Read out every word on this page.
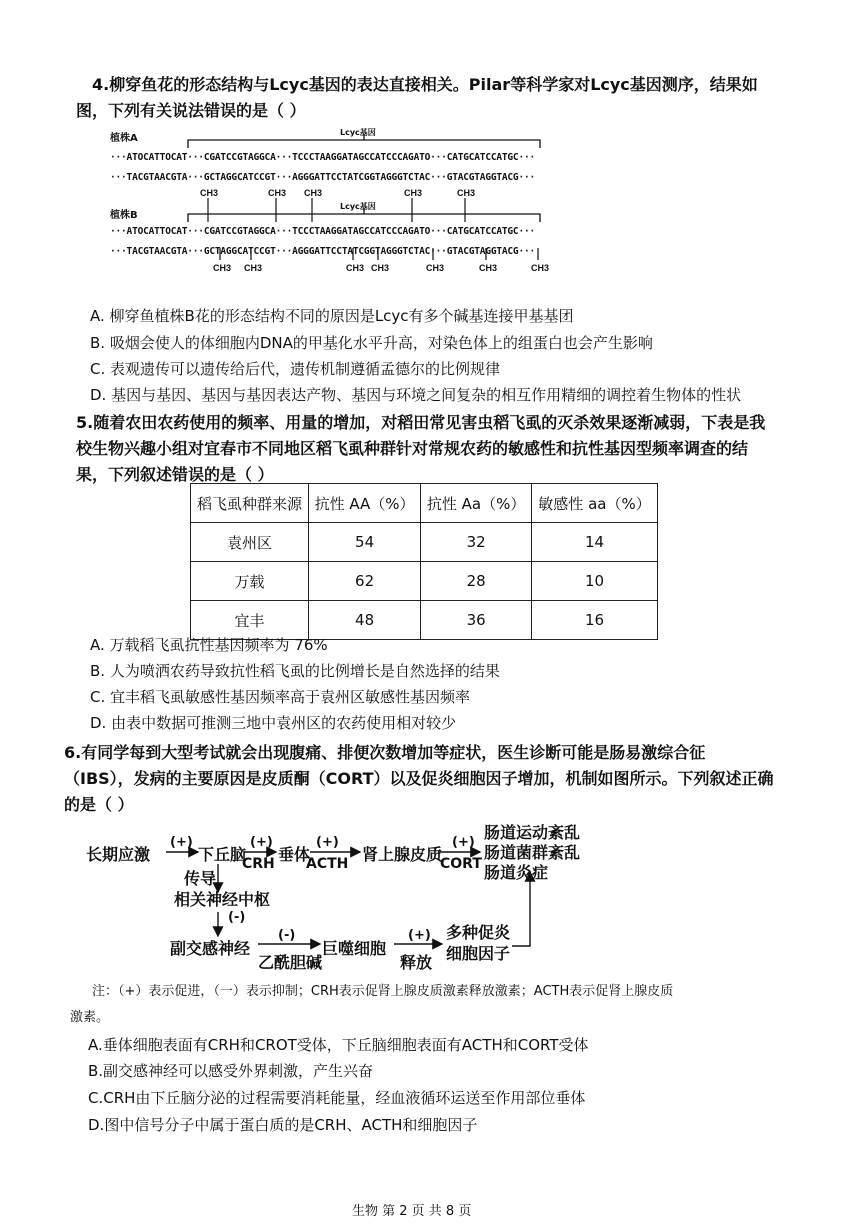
4.柳穿鱼花的形态结构与Lcyc基因的表达直接相关。Pilar等科学家对Lcyc基因测序，结果如
图，下列有关说法错误的是（ ）
植株A
Lcyc基因
···ATOCATTOCAT···CGATCCGTAGGCA···TCCCTAAGGATAGCCATCCCAGATO···CATGCATCCATGC···
···TACGTAACGTA···GCTAGGCATCCGT···AGGGATTCCTATCGGTAGGGTCTAC···GTACGTAGGTACG···
CH3	CH3 CH3	CH3	CH3
植株B
Lcyc基因
···ATOCATTOCAT···CGATCCGTAGGCA···TCCCTAAGGATAGCCATCCCAGATO···CATGCATCCATGC···
···TACGTAACGTA···GCTAGGCATCCGT···AGGGATTCCTATCGGTAGGGTCTAC···GTACGTAGGTACG···
CH3 CH3	CH3 CH3	CH3	CH3	CH3
A. 柳穿鱼植株B花的形态结构不同的原因是Lcyc有多个碱基连接甲基基团
B. 吸烟会使人的体细胞内DNA的甲基化水平升高，对染色体上的组蛋白也会产生影响
C. 表观遗传可以遗传给后代，遗传机制遵循孟德尔的比例规律
D. 基因与基因、基因与基因表达产物、基因与环境之间复杂的相互作用精细的调控着生物体的性状
5.随着农田农药使用的频率、用量的增加，对稻田常见害虫稻飞虱的灭杀效果逐渐减弱，下表是我
校生物兴趣小组对宜春市不同地区稻飞虱种群针对常规农药的敏感性和抗性基因型频率调查的结
果，下列叙述错误的是（ ）
稻飞虱种群来源	抗性 AA（%）	抗性 Aa（%）	敏感性 aa（%）
袁州区	54	32	14
万载	62	28	10
宜丰	48	36	16
A. 万载稻飞虱抗性基因频率为 76%
B. 人为喷洒农药导致抗性稻飞虱的比例增长是自然选择的结果
C. 宜丰稻飞虱敏感性基因频率高于袁州区敏感性基因频率
D. 由表中数据可推测三地中袁州区的农药使用相对较少
6.有同学每到大型考试就会出现腹痛、排便次数增加等症状，医生诊断可能是肠易激综合征
（IBS），发病的主要原因是皮质酮（CORT）以及促炎细胞因子增加，机制如图所示。下列叙述正确
的是（ ）
长期应激
(+)
下丘脑
(+)
CRH 垂体
(+)
ACTH 肾上腺皮质
(+)
CORT
肠道运动紊乱
肠道菌群紊乱
肠道炎症
传导
相关神经中枢
(-)
副交感神经
(-)
乙酰胆碱
巨噬细胞
(+)
释放
多种促炎
细胞因子
注：（+）表示促进，（一）表示抑制；CRH表示促肾上腺皮质激素释放激素；ACTH表示促肾上腺皮质
激素。
A.垂体细胞表面有CRH和CROT受体，下丘脑细胞表面有ACTH和CORT受体
B.副交感神经可以感受外界刺激，产生兴奋
C.CRH由下丘脑分泌的过程需要消耗能量，经血液循环运送至作用部位垂体
D.图中信号分子中属于蛋白质的是CRH、ACTH和细胞因子
生物 第 2 页 共 8 页
